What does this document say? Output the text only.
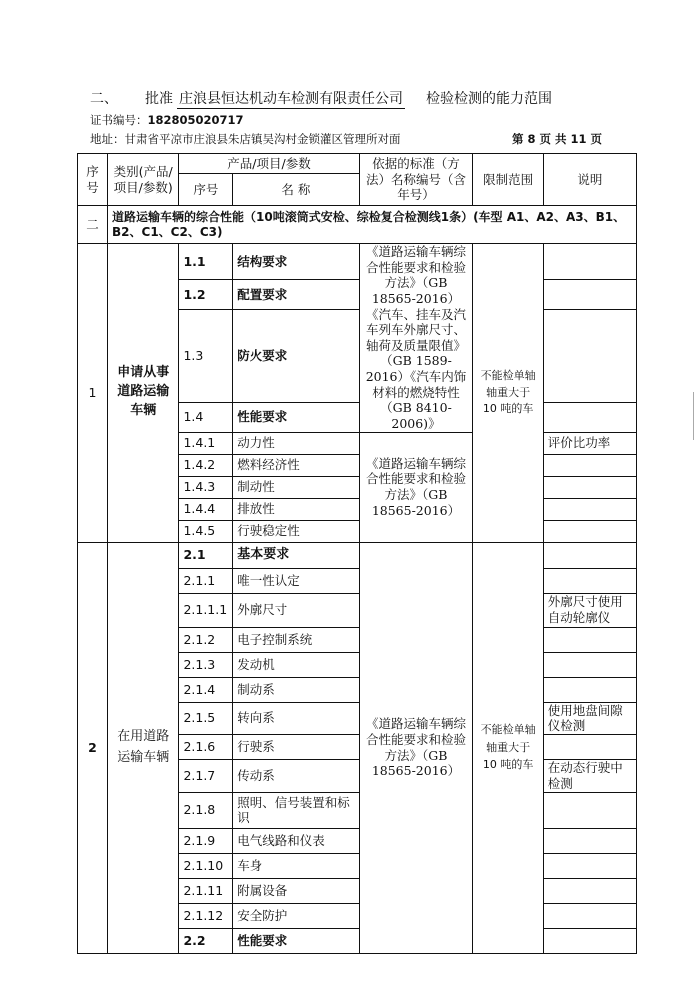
二、 批准 庄浪县恒达机动车检测有限责任公司 检验检测的能力范围
证书编号：182805020717
地址：甘肃省平凉市庄浪县朱店镇吴沟村金锁灌区管理所对面	第 8 页 共 11 页
序号	类别(产品/项目/参数)	产品/项目/参数		依据的标准（方法）名称编号（含年号）	限制范围	说明
		序号	名 称			
二	道路运输车辆的综合性能（10吨滚筒式安检、综检复合检测线1条）(车型 A1、A2、A3、B1、B2、C1、C2、C3)					
1	申请从事道路运输车辆	1.1	结构要求	《道路运输车辆综合性能要求和检验方法》（GB 18565-2016）《汽车、挂车及汽车列车外廓尺寸、轴荷及质量限值》（GB 1589-2016）《汽车内饰材料的燃烧特性（GB 8410-2006)》	不能检单轴轴重大于 10 吨的车	
		1.2	配置要求			
		1.3	防火要求			
		1.4	性能要求			
		1.4.1	动力性	《道路运输车辆综合性能要求和检验方法》（GB 18565-2016）		评价比功率
		1.4.2	燃料经济性			
		1.4.3	制动性			
		1.4.4	排放性			
		1.4.5	行驶稳定性			
2	在用道路运输车辆	2.1	基本要求	《道路运输车辆综合性能要求和检验方法》（GB 18565-2016）	不能检单轴轴重大于 10 吨的车	
		2.1.1	唯一性认定			
		2.1.1.1	外廓尺寸			外廓尺寸使用自动轮廓仪
		2.1.2	电子控制系统			
		2.1.3	发动机			
		2.1.4	制动系			
		2.1.5	转向系			使用地盘间隙仪检测
		2.1.6	行驶系			
		2.1.7	传动系			在动态行驶中检测
		2.1.8	照明、信号装置和标识			
		2.1.9	电气线路和仪表			
		2.1.10	车身			
		2.1.11	附属设备			
		2.1.12	安全防护			
		2.2	性能要求			
